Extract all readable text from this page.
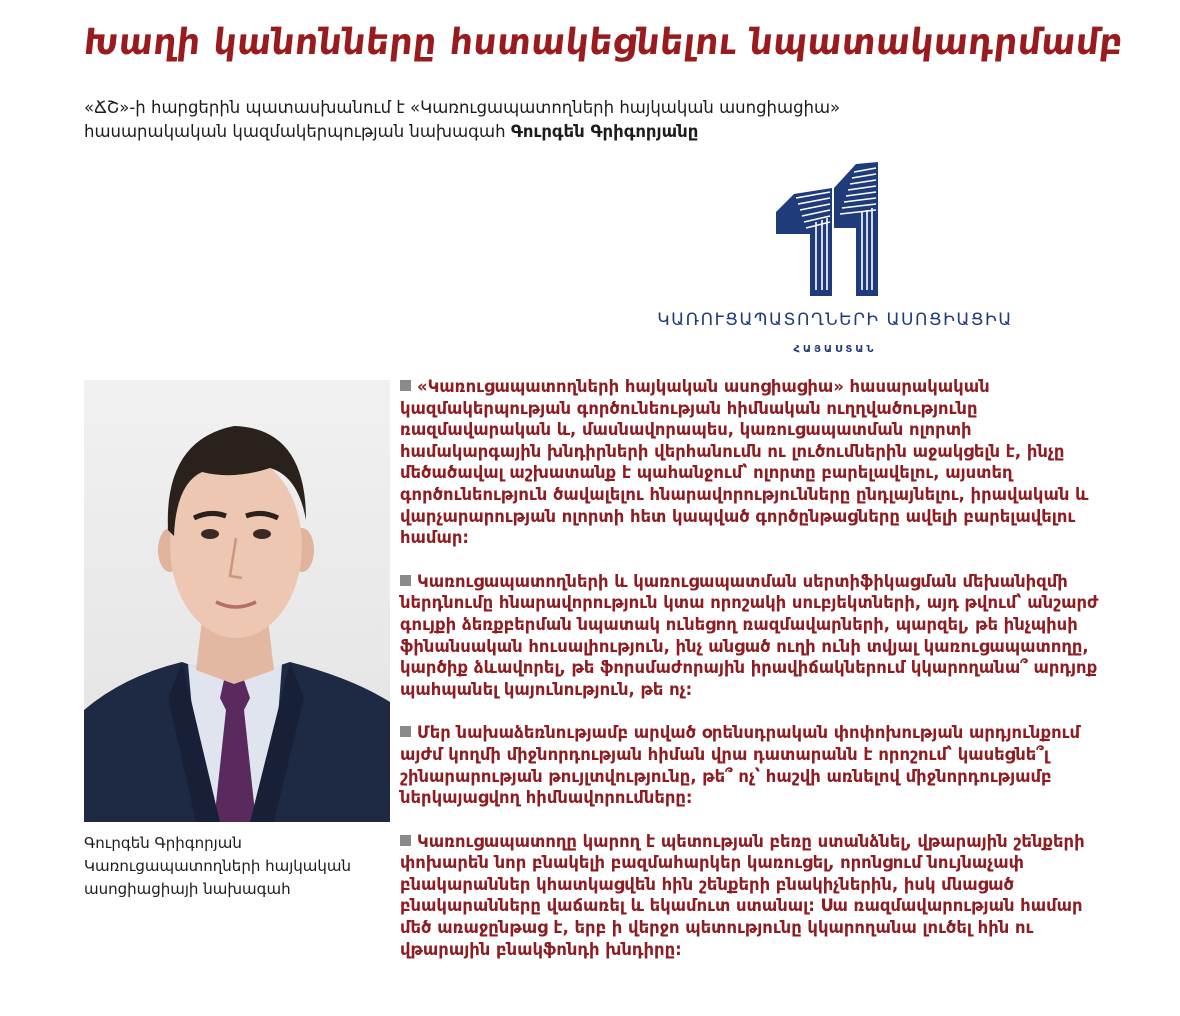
Խաղի կանոնները հստակեցնելու նպատակադրմամբ
«ՃՇ»-ի հարցերին պատասխանում է «Կառուցապատողների հայկական ասոցիացիա» հասարակական կազմակերպության նախագահ Գուրգեն Գրիգորյանը
ԿԱՌՈՒՑԱՊԱՏՈՂՆԵՐԻ ԱՍՈՑԻԱՑԻԱ
ՀԱՅԱՍՏԱՆ
Գուրգեն Գրիգորյան
Կառուցապատողների հայկական
ասոցիացիայի նախագահ

«Կառուցապատողների հայկական ասոցիացիա» հասարակական կազմակերպության գործունեության հիմնական ուղղվածությունը ռազմավարական և, մասնավորապես, կառուցապատման ոլորտի համակարգային խնդիրների վերհանումն ու լուծումներին աջակցելն է, ինչը մեծածավալ աշխատանք է պահանջում՝ ոլորտը բարելավելու, այստեղ գործունեություն ծավալելու հնարավորությունները ընդլայնելու, իրավական և վարչարարության ոլորտի հետ կապված գործընթացները ավելի բարելավելու համար:

Կառուցապատողների և կառուցապատման սերտիֆիկացման մեխանիզմի ներդնումը հնարավորություն կտա որոշակի սուբյեկտների, այդ թվում՝ անշարժ գույքի ձեռքբերման նպատակ ունեցող ռազմավարների, պարզել, թե ինչպիսի ֆինանսական հուսալիություն, ինչ անցած ուղի ունի տվյալ կառուցապատողը, կարծիք ձևավորել, թե ֆորսմաժորային իրավիճակներում կկարողանա՞ արդյոք պահպանել կայունություն, թե ոչ:

Մեր նախաձեռնությամբ արված օրենսդրական փոփոխության արդյունքում այժմ կողմի միջնորդության հիման վրա դատարանն է որոշում՝ կասեցնե՞լ շինարարության թույլտվությունը, թե՞ ոչ՝ հաշվի առնելով միջնորդությամբ ներկայացվող հիմնավորումները:

Կառուցապատողը կարող է պետության բեռը ստանձնել, վթարային շենքերի փոխարեն նոր բնակելի բազմահարկեր կառուցել, որոնցում նույնաչափ բնակարաններ կհատկացվեն հին շենքերի բնակիչներին, իսկ մնացած բնակարանները վաճառել և եկամուտ ստանալ: Սա ռազմավարության համար մեծ առաջընթաց է, երբ ի վերջո պետությունը կկարողանա լուծել հին ու վթարային բնակֆոնդի խնդիրը:
